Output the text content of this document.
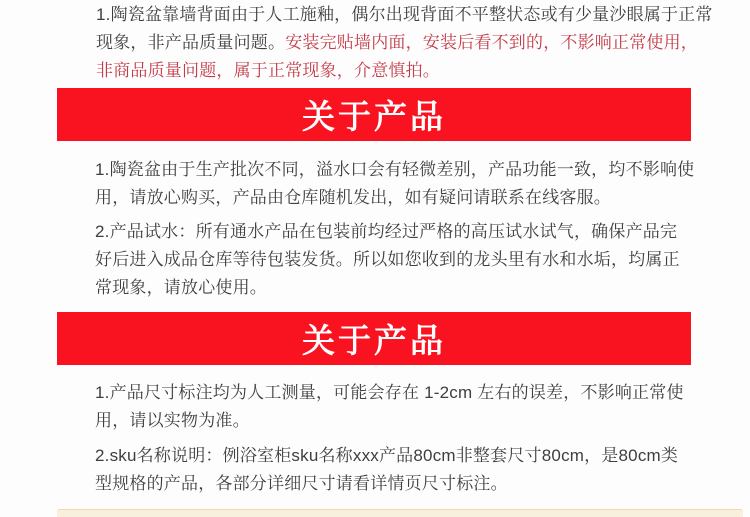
1.陶瓷盆靠墙背面由于人工施釉，偶尔出现背面不平整状态或有少量沙眼属于正常
现象，非产品质量问题。安装完贴墙内面，安装后看不到的，不影响正常使用，
非商品质量问题，属于正常现象，介意慎拍。
关于产品
1.陶瓷盆由于生产批次不同，溢水口会有轻微差别，产品功能一致，均不影响使
用，请放心购买，产品由仓库随机发出，如有疑问请联系在线客服。
2.产品试水：所有通水产品在包装前均经过严格的高压试水试气，确保产品完
好后进入成品仓库等待包装发货。所以如您收到的龙头里有水和水垢，均属正
常现象，请放心使用。
关于产品
1.产品尺寸标注均为人工测量，可能会存在 1-2cm 左右的误差，不影响正常使
用，请以实物为准。
2.sku名称说明：例浴室柜sku名称xxx产品80cm非整套尺寸80cm，是80cm类
型规格的产品，各部分详细尺寸请看详情页尺寸标注。
